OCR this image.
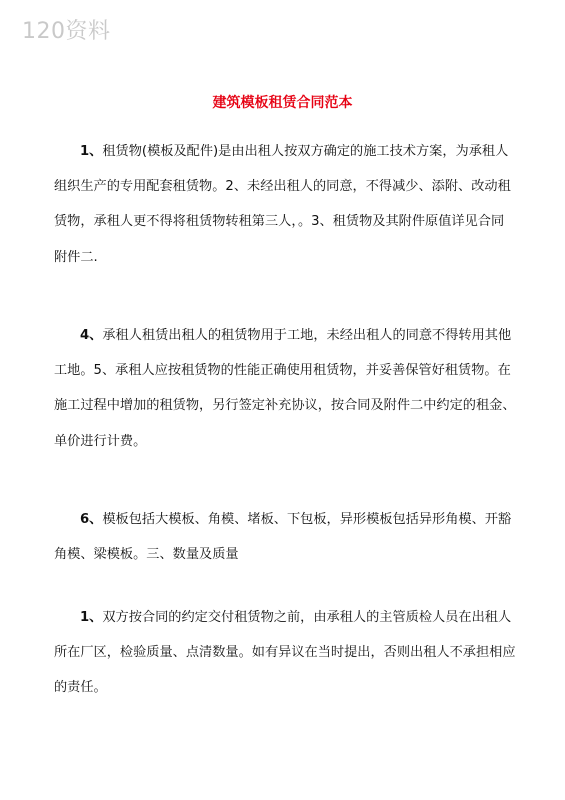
120资料
建筑模板租赁合同范本

1、租赁物(模板及配件)是由出租人按双方确定的施工技术方案，为承租人组织生产的专用配套租赁物。2、未经出租人的同意，不得减少、添附、改动租赁物，承租人更不得将租赁物转租第三人，。3、租赁物及其附件原值详见合同附件二.

4、承租人租赁出租人的租赁物用于工地，未经出租人的同意不得转用其他工地。5、承租人应按租赁物的性能正确使用租赁物，并妥善保管好租赁物。在施工过程中增加的租赁物，另行签定补充协议，按合同及附件二中约定的租金、单价进行计费。

6、模板包括大模板、角模、堵板、下包板，异形模板包括异形角模、开豁角模、梁模板。三、数量及质量

1、双方按合同的约定交付租赁物之前，由承租人的主管质检人员在出租人所在厂区，检验质量、点清数量。如有异议在当时提出，否则出租人不承担相应的责任。
